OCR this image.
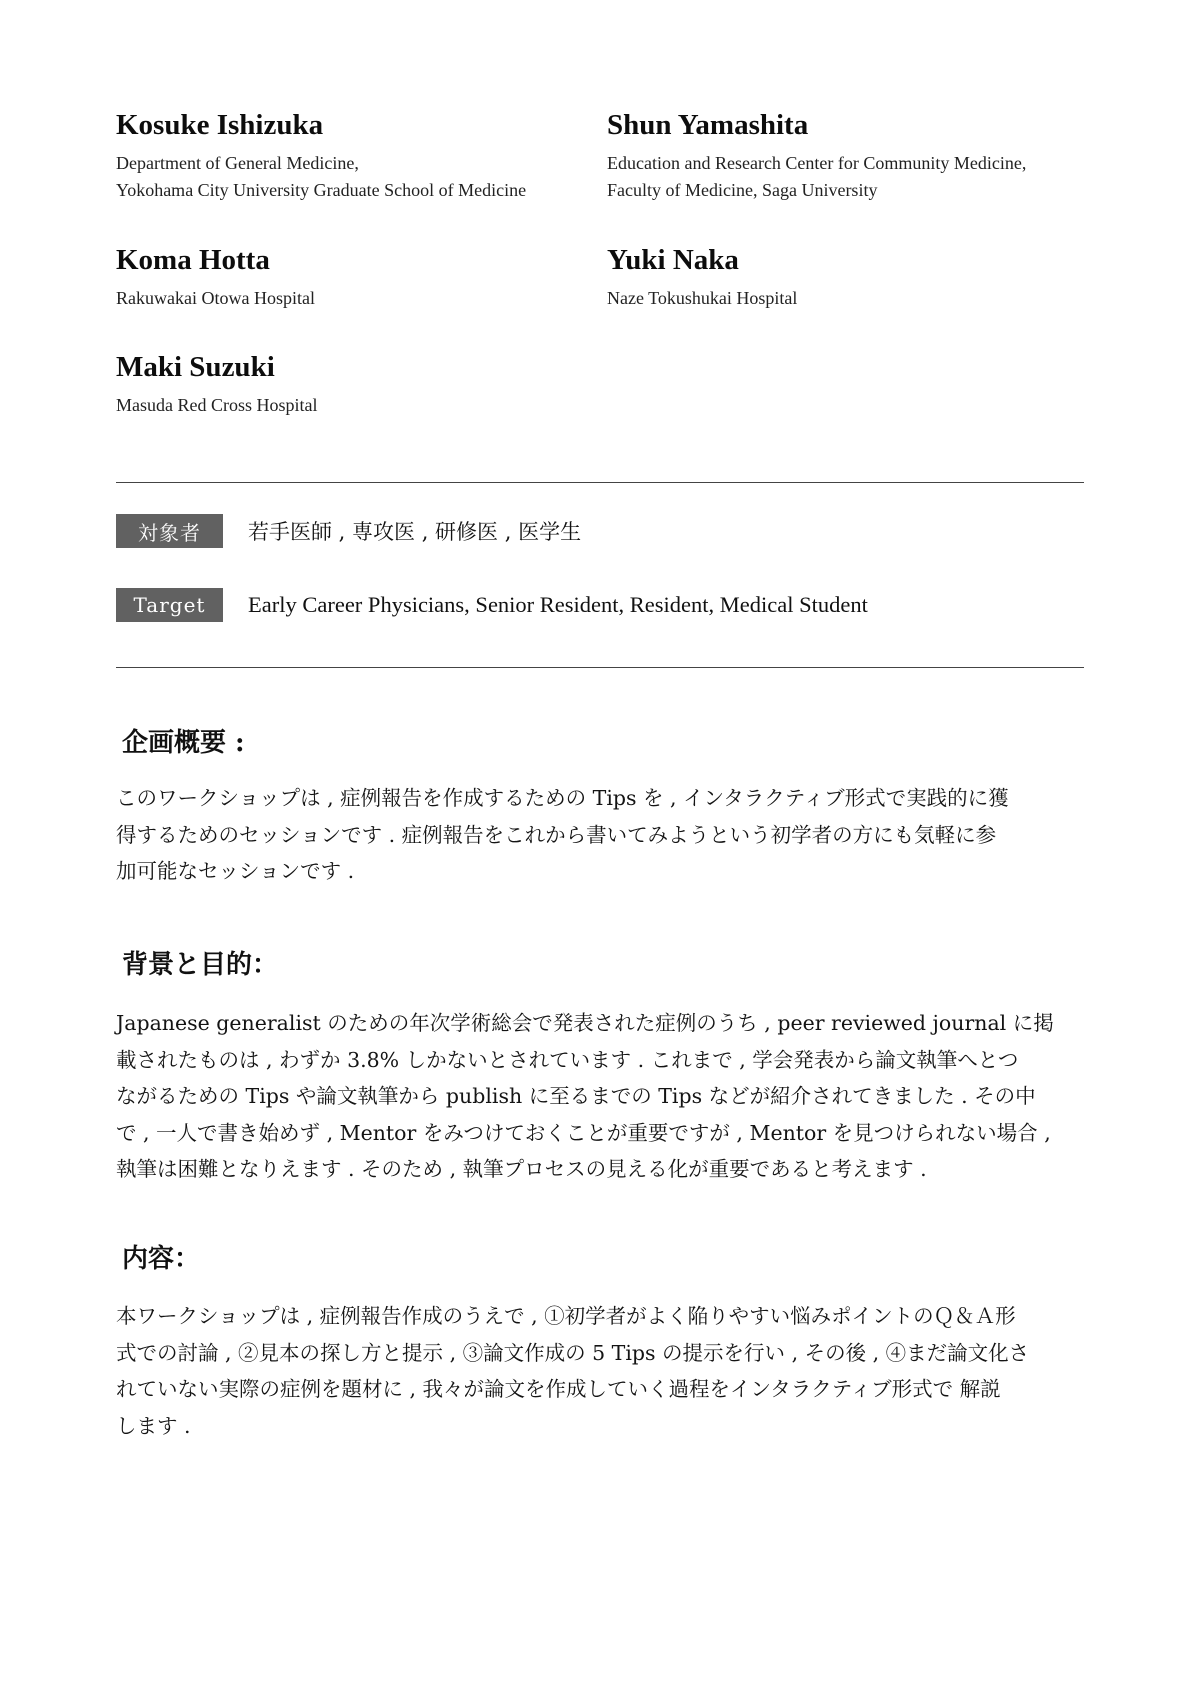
Kosuke Ishizuka
Department of General Medicine,
Yokohama City University Graduate School of Medicine
Shun Yamashita
Education and Research Center for Community Medicine,
Faculty of Medicine, Saga University
Koma Hotta
Rakuwakai Otowa Hospital
Yuki Naka
Naze Tokushukai Hospital
Maki Suzuki
Masuda Red Cross Hospital
対象者	若手医師 , 専攻医 , 研修医 , 医学生
Target	Early Career Physicians, Senior Resident, Resident, Medical Student
企画概要 :
このワークショップは , 症例報告を作成するための Tips を , インタラクティブ形式で実践的に獲
得するためのセッションです . 症例報告をこれから書いてみようという初学者の方にも気軽に参
加可能なセッションです .
背景と目的：
Japanese generalist のための年次学術総会で発表された症例のうち , peer reviewed journal に掲
載されたものは , わずか 3.8% しかないとされています . これまで , 学会発表から論文執筆へとつ
ながるための Tips や論文執筆から publish に至るまでの Tips などが紹介されてきました . その中
で , 一人で書き始めず , Mentor をみつけておくことが重要ですが , Mentor を見つけられない場合 ,
執筆は困難となりえます . そのため , 執筆プロセスの見える化が重要であると考えます .
内容：
本ワークショップは , 症例報告作成のうえで , ①初学者がよく陥りやすい悩みポイントのＱ＆Ａ形
式での討論 , ②見本の探し方と提示 , ③論文作成の 5 Tips の提示を行い , その後 , ④まだ論文化さ
れていない実際の症例を題材に , 我々が論文を作成していく過程をインタラクティブ形式で 解説
します .
